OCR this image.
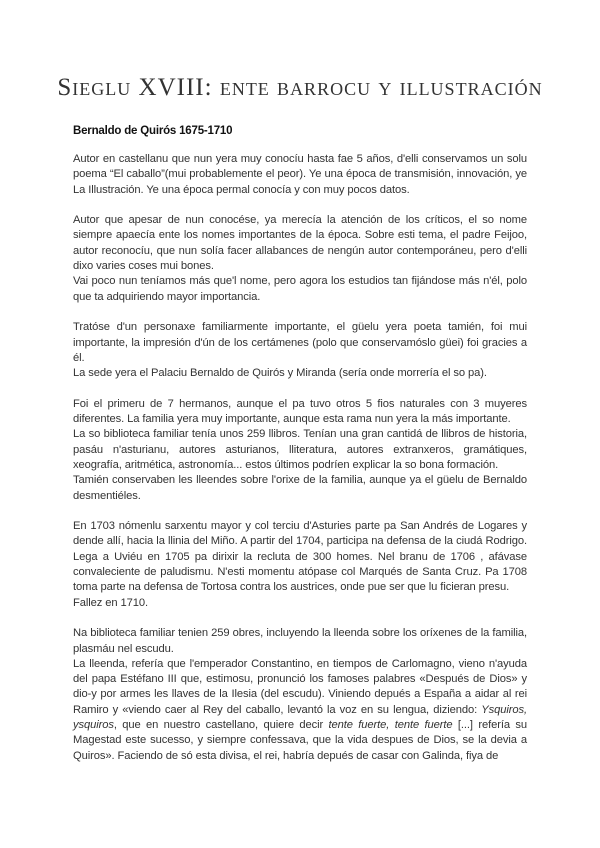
Sieglu XVIII: ente barrocu y illustración
Bernaldo de Quirós 1675-1710

Autor en castellanu que nun yera muy conocíu hasta fae 5 años, d'elli conservamos un solu poema “El caballo”(mui probablemente el peor). Ye una época de transmisión, innovación, ye La Illustración. Ye una época permal conocía y con muy pocos datos.

Autor que apesar de nun conocése, ya merecía la atención de los críticos, el so nome siempre apaecía ente los nomes importantes de la época. Sobre esti tema, el padre Feijoo, autor reconocíu, que nun solía facer allabances de nengún autor contemporáneu, pero d'elli dixo varies coses mui bones.
Vai poco nun teníamos más que'l nome, pero agora los estudios tan fijándose más n'él, polo que ta adquiriendo mayor importancia.

Tratóse d'un personaxe familiarmente importante, el güelu yera poeta tamién, foi mui importante, la impresión d'ún de los certámenes (polo que conservamóslo güei) foi gracies a él.
La sede yera el Palaciu Bernaldo de Quirós y Miranda (sería onde morrería el so pa).

Foi el primeru de 7 hermanos, aunque el pa tuvo otros 5 fios naturales con 3 muyeres diferentes. La familia yera muy importante, aunque esta rama nun yera la más importante.
La so biblioteca familiar tenía unos 259 llibros. Tenían una gran cantidá de llibros de historia, pasáu n'asturianu, autores asturianos, lliteratura, autores extranxeros, gramátiques, xeografía, aritmética, astronomía... estos últimos podríen explicar la so bona formación.
Tamién conservaben les lleendes sobre l'orixe de la familia, aunque ya el güelu de Bernaldo desmentiéles.

En 1703 nómenlu sarxentu mayor y col terciu d'Asturies parte pa San Andrés de Logares y dende allí, hacia la llinia del Miño. A partir del 1704, participa na defensa de la ciudá Rodrigo. Lega a Uviéu en 1705 pa dirixir la recluta de 300 homes. Nel branu de 1706 , afávase convaleciente de paludismu. N'esti momentu atópase col Marqués de Santa Cruz. Pa 1708 toma parte na defensa de Tortosa contra los austrices, onde pue ser que lu ficieran presu.
Fallez en 1710.

Na biblioteca familiar tenien 259 obres, incluyendo la lleenda sobre los oríxenes de la familia, plasmáu nel escudu.
La lleenda, refería que l'emperador Constantino, en tiempos de Carlomagno, vieno n'ayuda del papa Estéfano III que, estimosu, pronunció los famoses palabres «Después de Dios» y dio-y por armes les llaves de la Ilesia (del escudu). Viniendo depués a España a aidar al rei Ramiro y «viendo caer al Rey del caballo, levantó la voz en su lengua, diziendo: Ysquiros, ysquiros, que en nuestro castellano, quiere decir tente fuerte, tente fuerte [...] refería su Magestad este sucesso, y siempre confessava, que la vida despues de Dios, se la devia a Quiros». Faciendo de só esta divisa, el rei, habría depués de casar con Galinda, fiya de
